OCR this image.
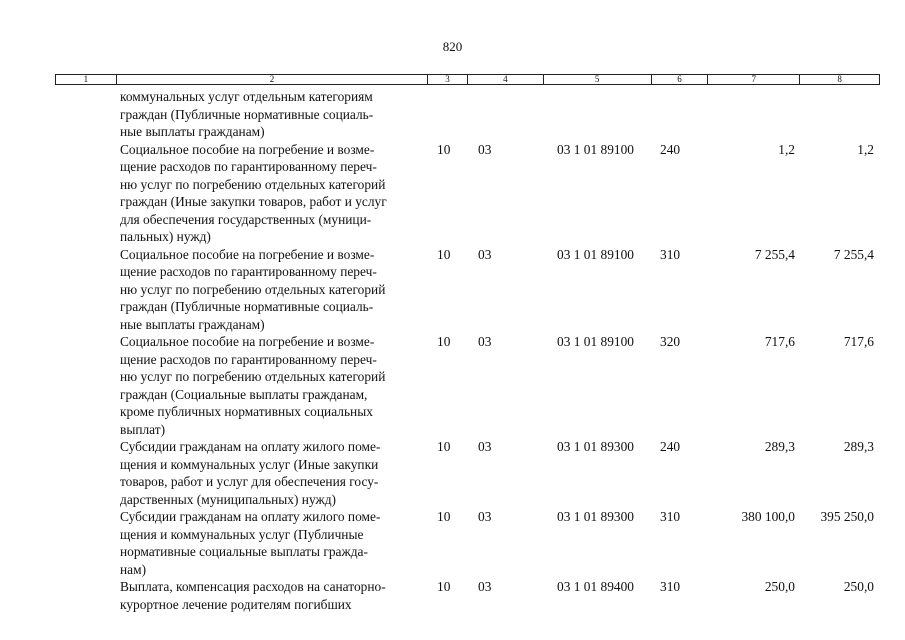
820
1	2	3	4	5	6	7	8
коммунальных услуг отдельным категориям
граждан (Публичные нормативные социаль-
ные выплаты гражданам)
Социальное пособие на погребение и возме-
щение расходов по гарантированному переч-
ню услуг по погребению отдельных категорий
граждан (Иные закупки товаров, работ и услуг
для обеспечения государственных (муници-
пальных) нужд)
10	03	03 1 01 89100	240	1,2	1,2
Социальное пособие на погребение и возме-
щение расходов по гарантированному переч-
ню услуг по погребению отдельных категорий
граждан (Публичные нормативные социаль-
ные выплаты гражданам)
10	03	03 1 01 89100	310	7 255,4	7 255,4
Социальное пособие на погребение и возме-
щение расходов по гарантированному переч-
ню услуг по погребению отдельных категорий
граждан (Социальные выплаты гражданам,
кроме публичных нормативных социальных
выплат)
10	03	03 1 01 89100	320	717,6	717,6
Субсидии гражданам на оплату жилого поме-
щения и коммунальных услуг (Иные закупки
товаров, работ и услуг для обеспечения госу-
дарственных (муниципальных) нужд)
10	03	03 1 01 89300	240	289,3	289,3
Субсидии гражданам на оплату жилого поме-
щения и коммунальных услуг (Публичные
нормативные социальные выплаты гражда-
нам)
10	03	03 1 01 89300	310	380 100,0	395 250,0
Выплата, компенсация расходов на санаторно-
курортное лечение родителям погибших
10	03	03 1 01 89400	310	250,0	250,0
